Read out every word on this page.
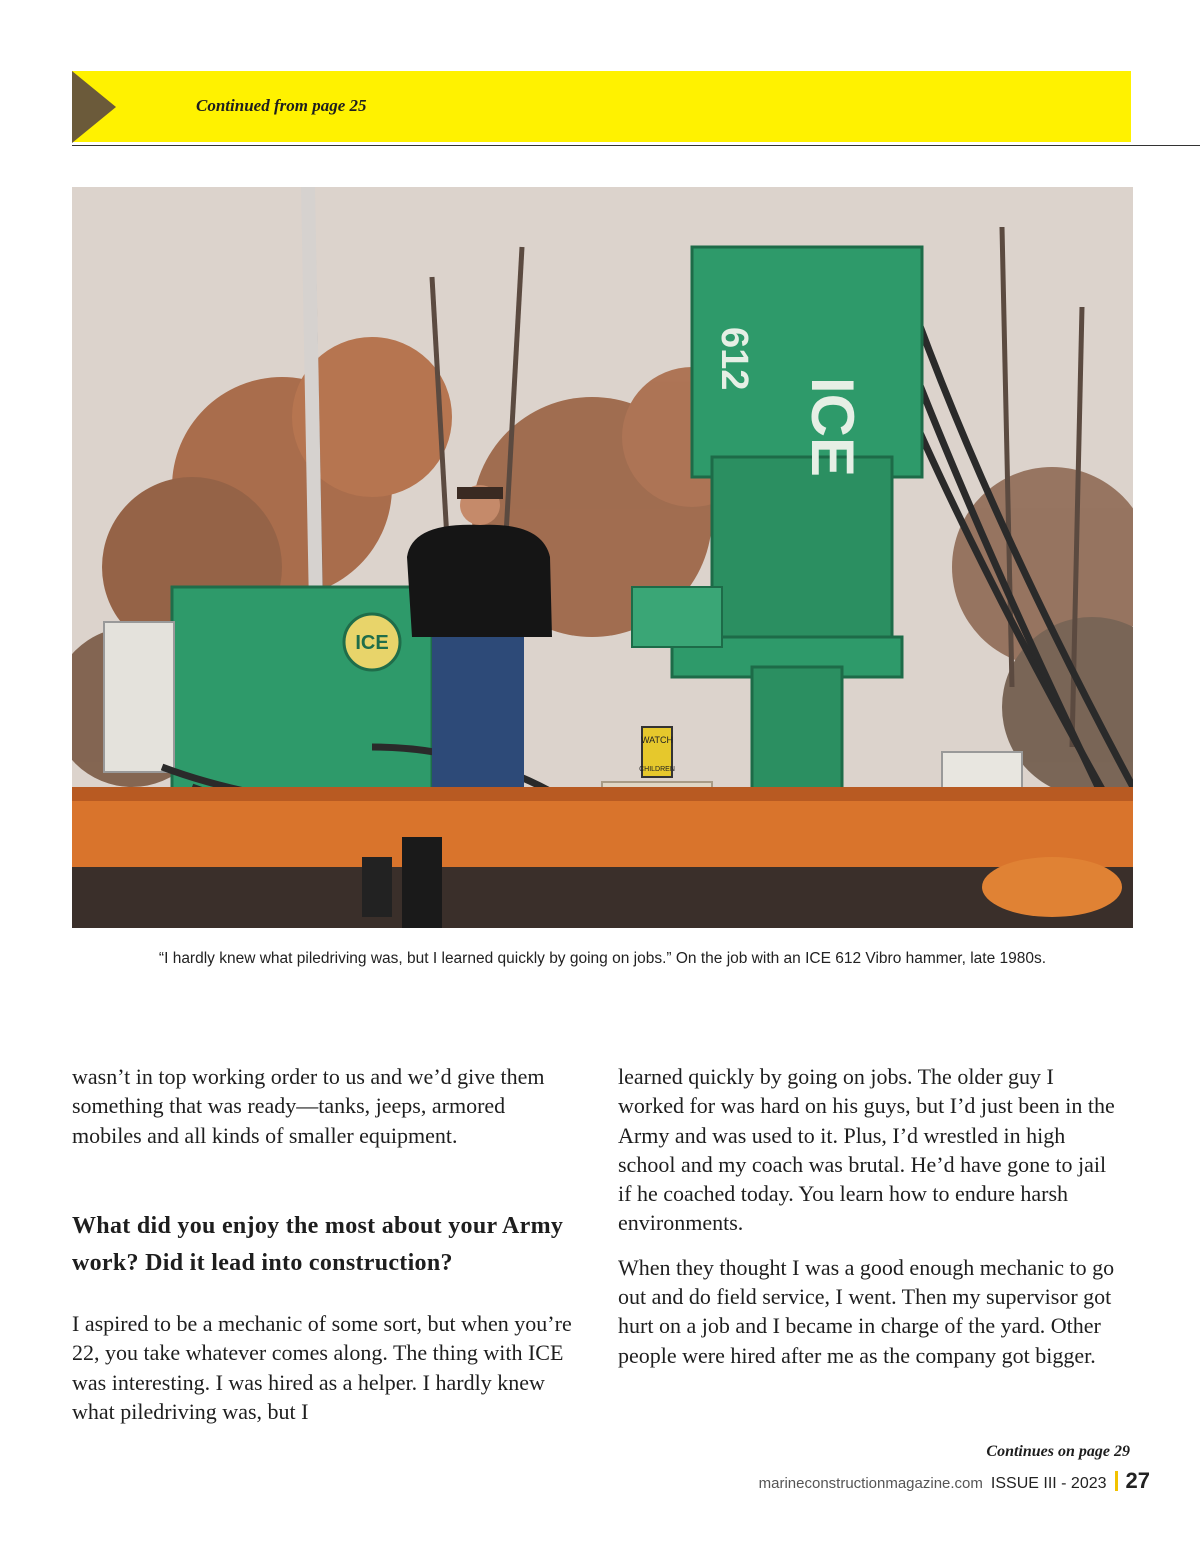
Continued from page 25
ICE
612
ICE
WATCH
CHILDREN
“I hardly knew what piledriving was, but I learned quickly by going on jobs.” On the job with an ICE 612 Vibro hammer, late 1980s.

wasn’t in top working order to us and we’d give them something that was ready—tanks, jeeps, armored mobiles and all kinds of smaller equipment.

What did you enjoy the most about your Army work? Did it lead into construction?

I aspired to be a mechanic of some sort, but when you’re 22, you take whatever comes along. The thing with ICE was interesting. I was hired as a helper. I hardly knew what piledriving was, but I

learned quickly by going on jobs. The older guy I worked for was hard on his guys, but I’d just been in the Army and was used to it. Plus, I’d wrestled in high school and my coach was brutal. He’d have gone to jail if he coached today. You learn how to endure harsh environments.

When they thought I was a good enough mechanic to go out and do field service, I went. Then my supervisor got hurt on a job and I became in charge of the yard. Other people were hired after me as the company got bigger.

Continues on page 29
marineconstructionmagazine.com ISSUE III - 2023 27
